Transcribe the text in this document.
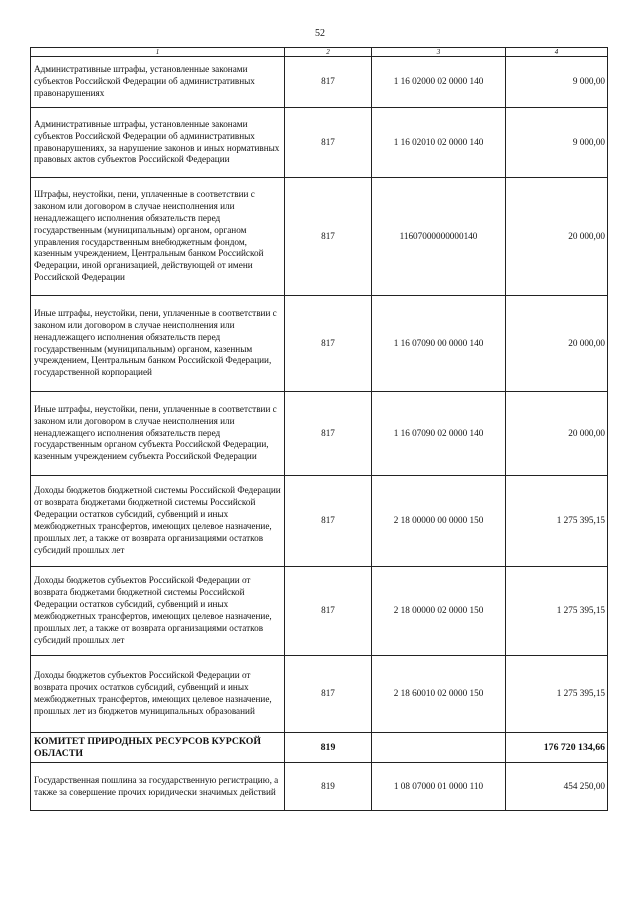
52
1	2	3	4
Административные штрафы, установленные законами субъектов Российской Федерации об административных правонарушениях	817	1 16 02000 02 0000 140	9 000,00
Административные штрафы, установленные законами субъектов Российской Федерации об административных правонарушениях, за нарушение законов и иных нормативных правовых актов субъектов Российской Федерации	817	1 16 02010 02 0000 140	9 000,00
Штрафы, неустойки, пени, уплаченные в соответствии с законом или договором в случае неисполнения или ненадлежащего исполнения обязательств перед государственным (муниципальным) органом, органом управления государственным внебюджетным фондом, казенным учреждением, Центральным банком Российской Федерации, иной организацией, действующей от имени Российской Федерации	817	11607000000000140	20 000,00
Иные штрафы, неустойки, пени, уплаченные в соответствии с законом или договором в случае неисполнения или ненадлежащего исполнения обязательств перед государственным (муниципальным) органом, казенным учреждением, Центральным банком Российской Федерации, государственной корпорацией	817	1 16 07090 00 0000 140	20 000,00
Иные штрафы, неустойки, пени, уплаченные в соответствии с законом или договором в случае неисполнения или ненадлежащего исполнения обязательств перед государственным органом субъекта Российской Федерации, казенным учреждением субъекта Российской Федерации	817	1 16 07090 02 0000 140	20 000,00
Доходы бюджетов бюджетной системы Российской Федерации от возврата бюджетами бюджетной системы Российской Федерации остатков субсидий, субвенций и иных межбюджетных трансфертов, имеющих целевое назначение, прошлых лет, а также от возврата организациями остатков субсидий прошлых лет	817	2 18 00000 00 0000 150	1 275 395,15
Доходы бюджетов субъектов Российской Федерации от возврата бюджетами бюджетной системы Российской Федерации остатков субсидий, субвенций и иных межбюджетных трансфертов, имеющих целевое назначение, прошлых лет, а также от возврата организациями остатков субсидий прошлых лет	817	2 18 00000 02 0000 150	1 275 395,15
Доходы бюджетов субъектов Российской Федерации от возврата прочих остатков субсидий, субвенций и иных межбюджетных трансфертов, имеющих целевое назначение, прошлых лет из бюджетов муниципальных образований	817	2 18 60010 02 0000 150	1 275 395,15
КОМИТЕТ ПРИРОДНЫХ РЕСУРСОВ КУРСКОЙ ОБЛАСТИ	819		176 720 134,66
Государственная пошлина за государственную регистрацию, а также за совершение прочих юридически значимых действий	819	1 08 07000 01 0000 110	454 250,00
